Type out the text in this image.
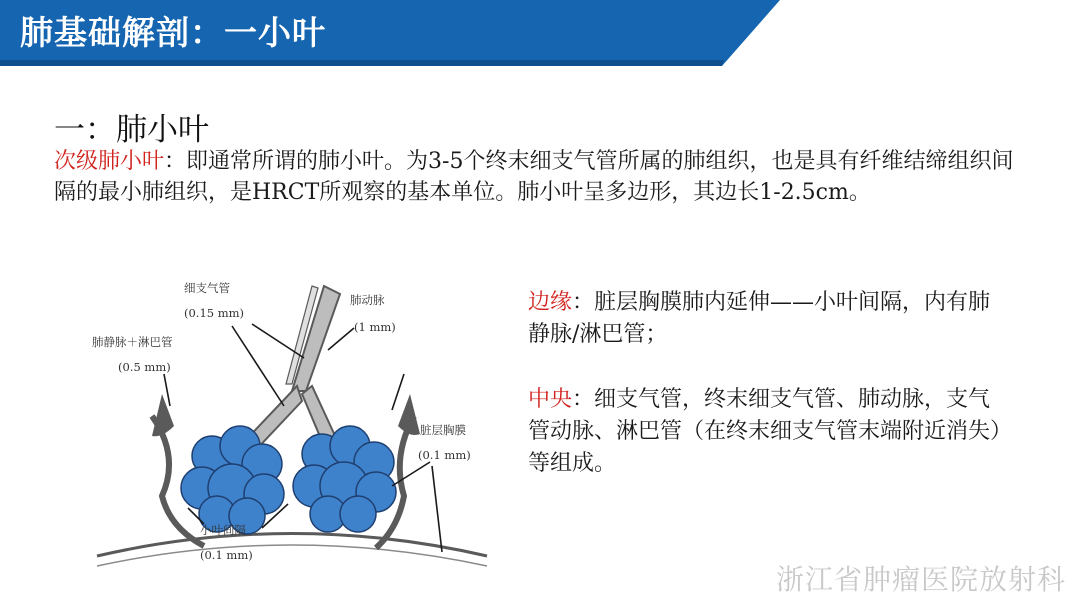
肺基础解剖：一小叶
一：肺小叶
次级肺小叶：即通常所谓的肺小叶。为3-5个终末细支气管所属的肺组织，也是具有纤维结缔组织间隔的最小肺组织，是HRCT所观察的基本单位。肺小叶呈多边形，其边长1-2.5cm。
细支气管
(0.15 mm)
肺动脉
(1 mm)
肺静脉＋淋巴管
(0.5 mm)
脏层胸膜
(0.1 mm)
小叶间隔
(0.1 mm)
边缘：脏层胸膜肺内延伸——小叶间隔，内有肺静脉/淋巴管；
中央：细支气管，终末细支气管、肺动脉，支气管动脉、淋巴管（在终末细支气管末端附近消失）等组成。
浙江省肿瘤医院放射科
